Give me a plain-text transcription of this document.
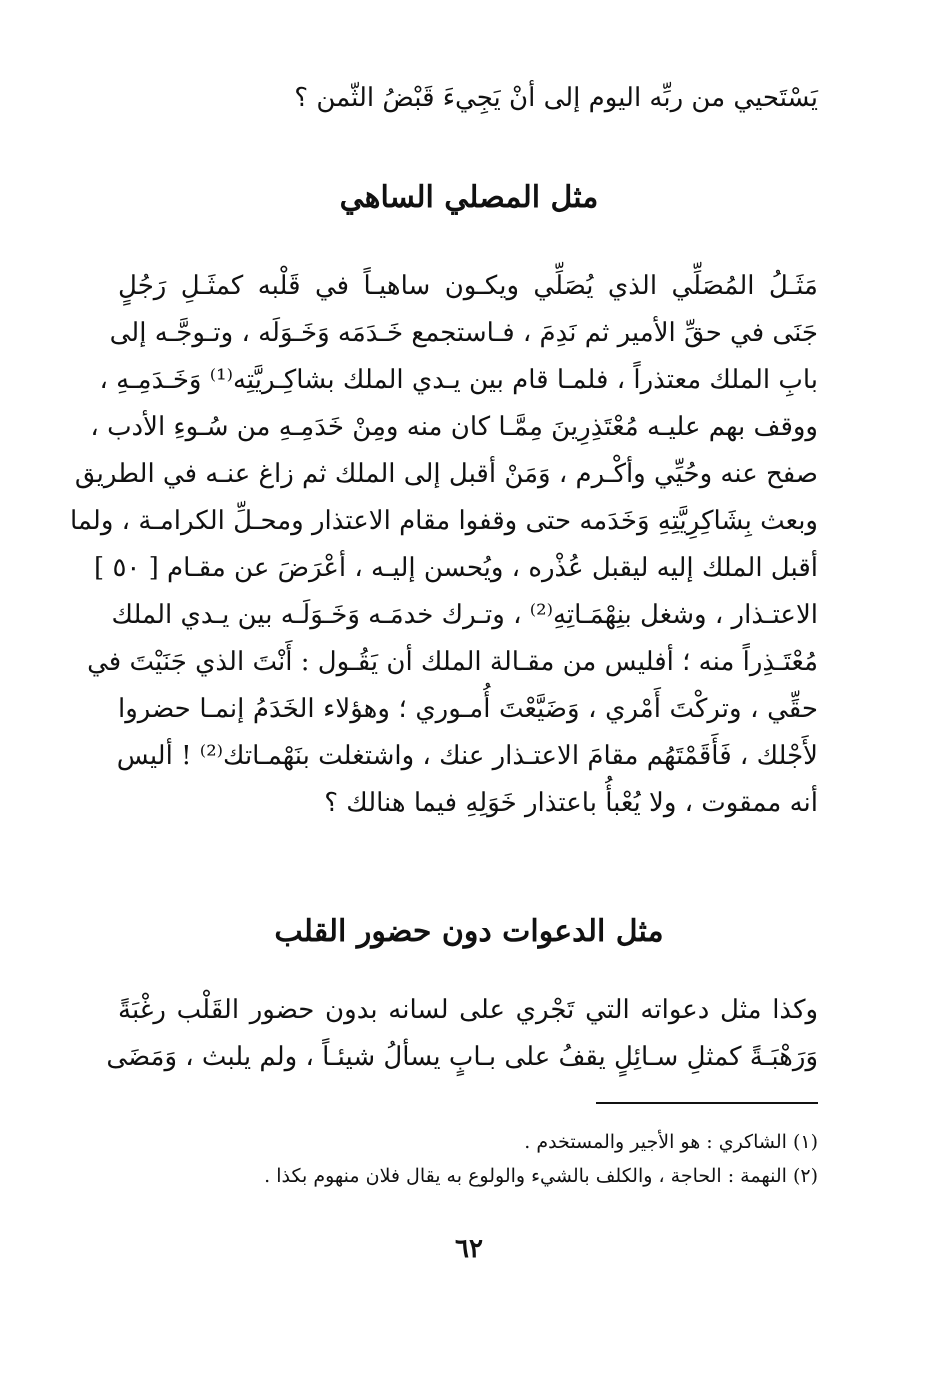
يَسْتَحيي من ربِّه اليوم إلى أنْ يَجِيءَ قَبْضُ الثّمن ؟
مثل المصلي الساهي
مَثَـلُ المُصَلِّي الذي يُصَلِّي ويكـون ساهيـاً في قَلْبه كمثَـلِ رَجُلٍ
جَنَى في حقِّ الأمير ثم نَدِمَ ، فـاستجمع خَـدَمَه وَخَـوَلَه ، وتـوجَّـه إلى
بابِ الملك معتذراً ، فلمـا قام بين يـدي الملك بشاكِـريَّتِه⁽¹⁾ وَخَـدَمِـهِ ،
ووقف بهم عليـه مُعْتَذِرِينَ مِمَّـا كان منه ومِنْ خَدَمِـهِ من سُـوءِ الأدب ،
صفح عنه وحُيِّي وأكْـرم ، وَمَنْ أقبل إلى الملك ثم زاغ عنـه في الطريق
وبعث بِشَاكِرِيَّتِهِ وَخَدَمه حتى وقفوا مقام الاعتذار ومحـلِّ الكرامـة ، ولما
أقبل الملك إليه ليقبل عُذْره ، ويُحسن إليـه ، أعْرَضَ عن مقـام [ ٥٠ ]
الاعتـذار ، وشغل بنِهْمَـاتِهِ⁽²⁾ ، وتـرك خدمَـه وَخَـوَلَـه بين يـدي الملك
مُعْتَـذِراً منه ؛ أفليس من مقـالة الملك أن يَقُـول : أَنْتَ الذي جَنَيْتَ في
حقِّي ، وتركْتَ أَمْري ، وَضَيَّعْتَ أُمـوري ؛ وهؤلاء الخَدَمُ إنمـا حضروا
لأَجْلك ، فَأَقَمْتَهُم مقامَ الاعتـذار عنك ، واشتغلت بنَهْمـاتك⁽²⁾ ! أليس
أنه ممقوت ، ولا يُعْبأُ باعتذار خَوَلِهِ فيما هنالك ؟
مثل الدعوات دون حضور القلب
وكذا مثل دعواته التي تَجْري على لسانه بدون حضور القَلْب رغْبَةً
وَرَهْبَـةً كمثلِ سـائِلٍ يقفُ على بـابٍ يسألُ شيئـاً ، ولم يلبث ، وَمَضَى
(١) الشاكري : هو الأجير والمستخدم .
(٢) النهمة : الحاجة ، والكلف بالشيء والولوع به يقال فلان منهوم بكذا .
٦٢
